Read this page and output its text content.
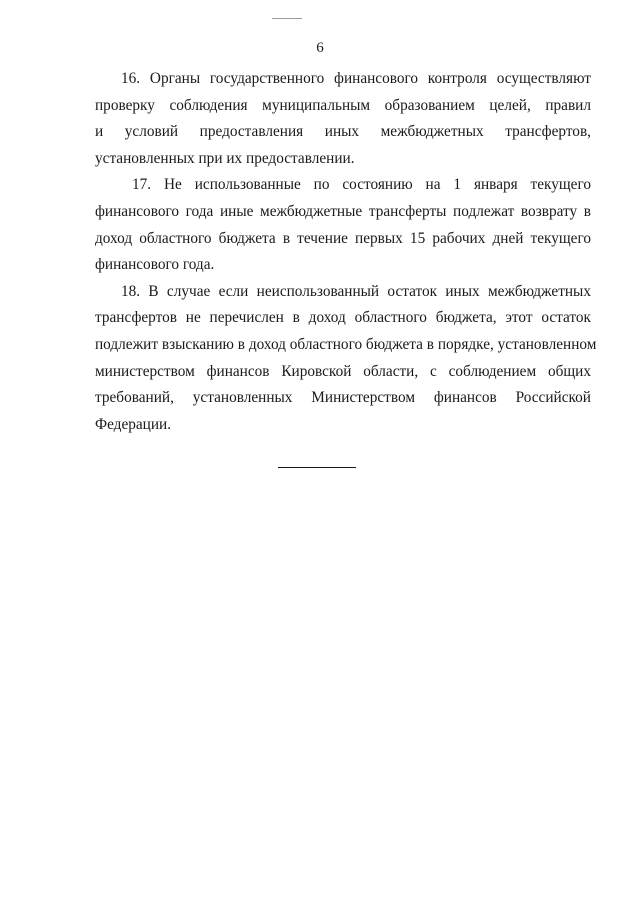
6

16. Органы государственного финансового контроля осуществляют
проверку соблюдения муниципальным образованием целей, правил
и условий предоставления иных межбюджетных трансфертов,
установленных при их предоставлении.

17. Не использованные по состоянию на 1 января текущего
финансового года иные межбюджетные трансферты подлежат возврату в
доход областного бюджета в течение первых 15 рабочих дней текущего
финансового года.

18. В случае если неиспользованный остаток иных межбюджетных
трансфертов не перечислен в доход областного бюджета, этот остаток
подлежит взысканию в доход областного бюджета в порядке, установленном
министерством финансов Кировской области, с соблюдением общих
требований, установленных Министерством финансов Российской
Федерации.
